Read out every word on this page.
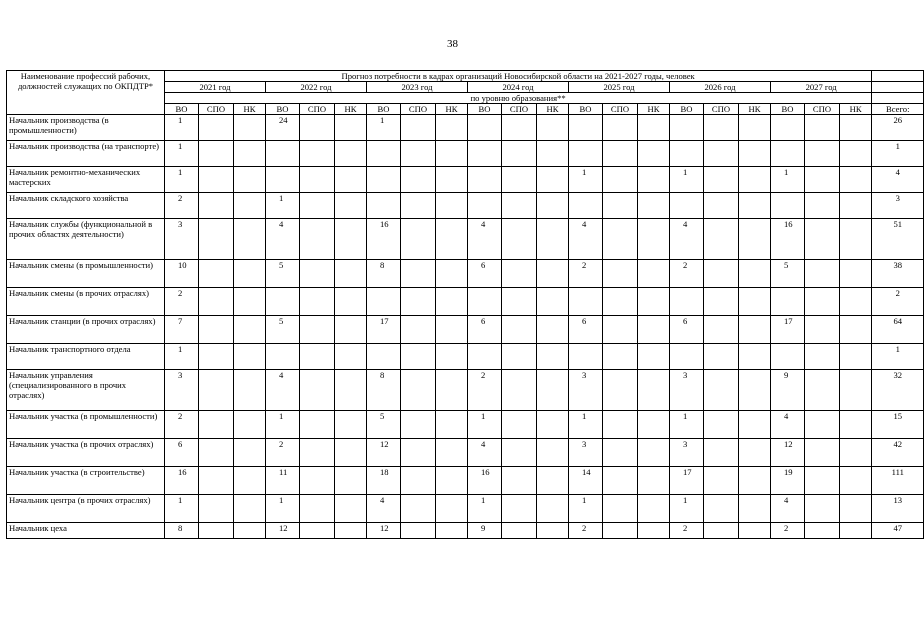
38
Наименование профессий рабочих, должностей служащих по ОКПДТР*	Прогноз потребности в кадрах организаций Новосибирской области на 2021-2027 годы, человек																					
	2021 год			2022 год			2023 год			2024 год			2025 год			2026 год			2027 год			
	по уровню образования**																					
	ВО	СПО	НК	ВО	СПО	НК	ВО	СПО	НК	ВО	СПО	НК	ВО	СПО	НК	ВО	СПО	НК	ВО	СПО	НК	Всего:
Начальник производства (в промышленности)	1			24			1															26
Начальник производства (на транспорте)	1																					1
Начальник ремонтно-механических мастерских	1												1			1			1			4
Начальник складского хозяйства	2			1																		3
Начальник службы (функциональной в прочих областях деятельности)	3			4			16			4			4			4			16			51
Начальник смены (в промышленности)	10			5			8			6			2			2			5			38
Начальник смены (в прочих отраслях)	2																					2
Начальник станции (в прочих отраслях)	7			5			17			6			6			6			17			64
Начальник транспортного отдела	1																					1
Начальник управления (специализированного в прочих отраслях)	3			4			8			2			3			3			9			32
Начальник участка (в промышленности)	2			1			5			1			1			1			4			15
Начальник участка (в прочих отраслях)	6			2			12			4			3			3			12			42
Начальник участка (в строительстве)	16			11			18			16			14			17			19			111
Начальник центра (в прочих отраслях)	1			1			4			1			1			1			4			13
Начальник цеха	8			12			12			9			2			2			2			47
